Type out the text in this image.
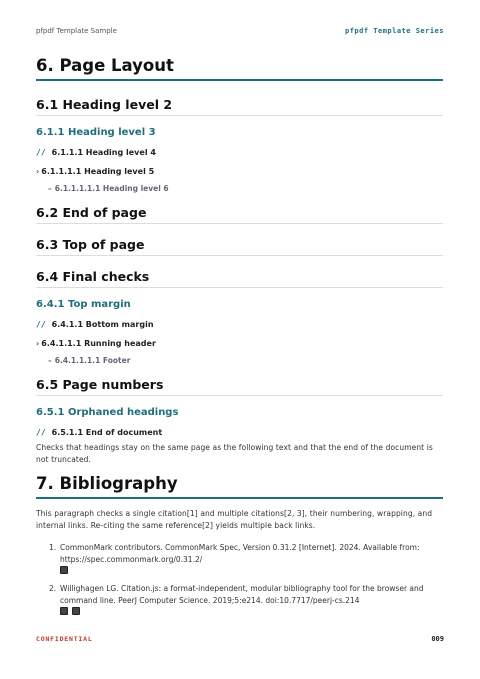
pfpdf Template Sample	pfpdf Template Series
6. Page Layout
6.1 Heading level 2
6.1.1 Heading level 3
// 6.1.1.1 Heading level 4
› 6.1.1.1.1 Heading level 5
– 6.1.1.1.1.1 Heading level 6
6.2 End of page
6.3 Top of page
6.4 Final checks
6.4.1 Top margin
// 6.4.1.1 Bottom margin
› 6.4.1.1.1 Running header
– 6.4.1.1.1.1 Footer
6.5 Page numbers
6.5.1 Orphaned headings
// 6.5.1.1 End of document

Checks that headings stay on the same page as the following text and that the end of the document is not truncated.

7. Bibliography

This paragraph checks a single citation[1] and multiple citations[2, 3], their numbering, wrapping, and internal links. Re-citing the same reference[2] yields multiple back links.

1. CommonMark contributors. CommonMark Spec, Version 0.31.2 [Internet]. 2024. Available from: https://spec.commonmark.org/0.31.2/
2. Willighagen LG. Citation.js: a format-independent, modular bibliography tool for the browser and command line. PeerJ Computer Science. 2019;5:e214. doi:10.7717/peerj-cs.214
CONFIDENTIAL	009
